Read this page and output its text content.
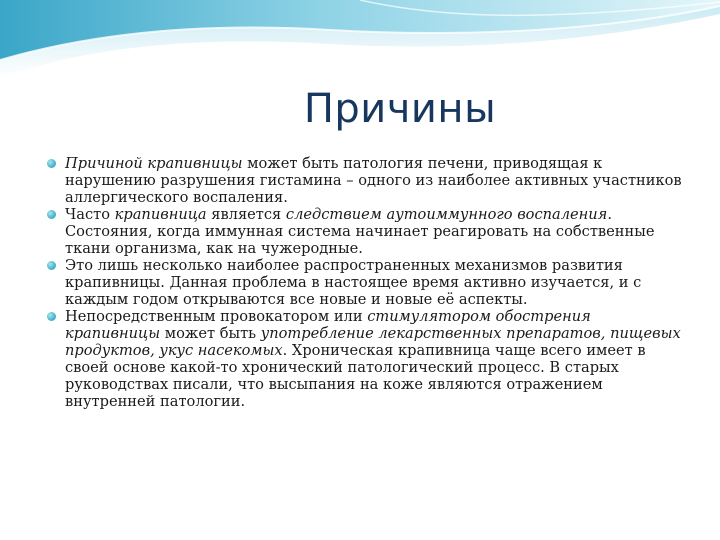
Причины
Причиной крапивницы может быть патология печени, приводящая к нарушению разрушения гистамина – одного из наиболее активных участников аллергического воспаления.
Часто крапивница является следствием аутоиммунного воспаления. Состояния, когда иммунная система начинает реагировать на собственные ткани организма, как на чужеродные.
Это лишь несколько наиболее распространенных механизмов развития крапивницы. Данная проблема в настоящее время активно изучается, и с каждым годом открываются все новые и новые её аспекты.
Непосредственным провокатором или стимулятором обострения крапивницы может быть употребление лекарственных препаратов, пищевых продуктов, укус насекомых. Хроническая крапивница чаще всего имеет в своей основе какой-то хронический патологический процесс. В старых руководствах писали, что высыпания на коже являются отражением внутренней патологии.
